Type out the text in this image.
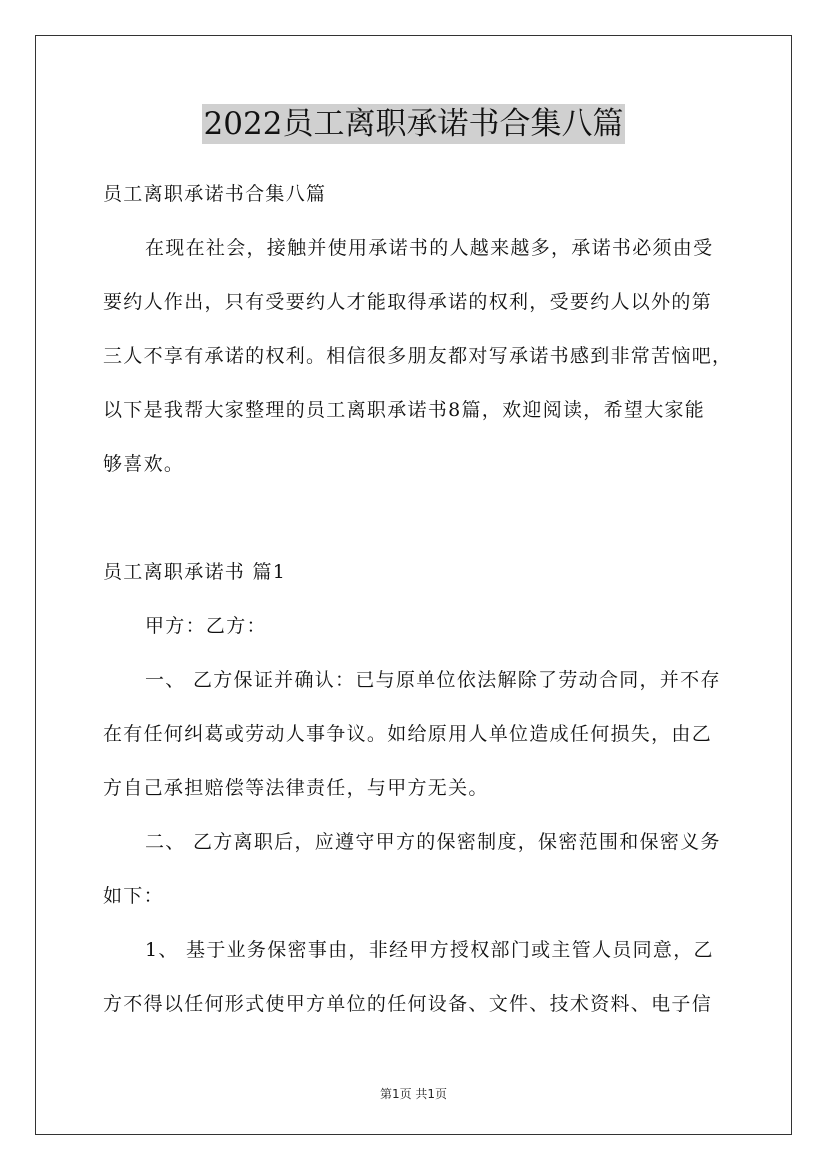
2022员工离职承诺书合集八篇
员工离职承诺书合集八篇
在现在社会，接触并使用承诺书的人越来越多，承诺书必须由受
要约人作出，只有受要约人才能取得承诺的权利，受要约人以外的第
三人不享有承诺的权利。相信很多朋友都对写承诺书感到非常苦恼吧，
以下是我帮大家整理的员工离职承诺书8篇，欢迎阅读，希望大家能
够喜欢。
员工离职承诺书 篇1
甲方：乙方：
一、 乙方保证并确认：已与原单位依法解除了劳动合同，并不存
在有任何纠葛或劳动人事争议。如给原用人单位造成任何损失，由乙
方自己承担赔偿等法律责任，与甲方无关。
二、 乙方离职后，应遵守甲方的保密制度，保密范围和保密义务
如下：
1、 基于业务保密事由，非经甲方授权部门或主管人员同意，乙
方不得以任何形式使甲方单位的任何设备、文件、技术资料、电子信
第1页 共1页
